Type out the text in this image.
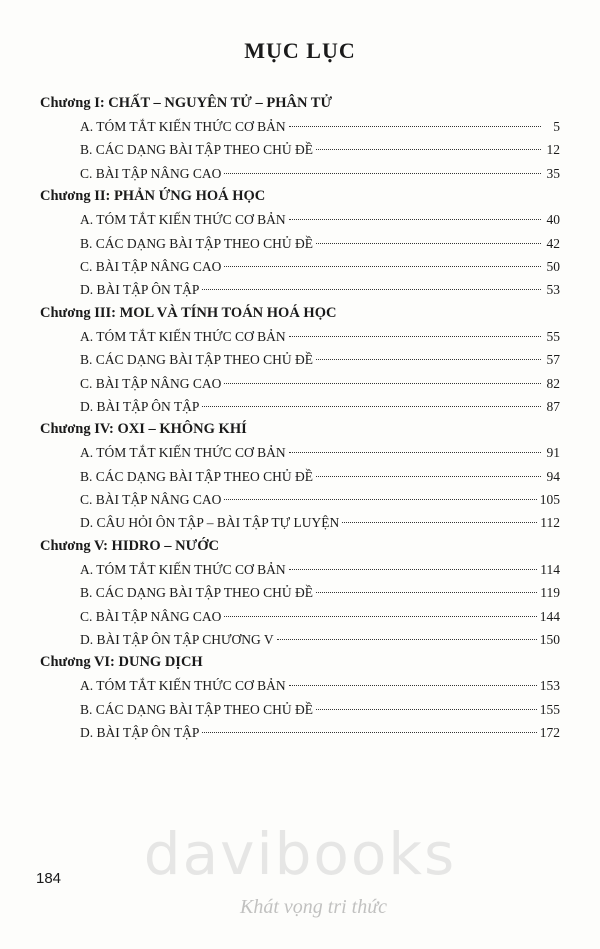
MỤC LỤC
Chương I: CHẤT – NGUYÊN TỬ – PHÂN TỬ
A. TÓM TẮT KIẾN THỨC CƠ BẢN	5
B. CÁC DẠNG BÀI TẬP THEO CHỦ ĐỀ	12
C. BÀI TẬP NÂNG CAO	35
Chương II: PHẢN ỨNG HOÁ HỌC
A. TÓM TẮT KIẾN THỨC CƠ BẢN	40
B. CÁC DẠNG BÀI TẬP THEO CHỦ ĐỀ	42
C. BÀI TẬP NÂNG CAO	50
D. BÀI TẬP ÔN TẬP	53
Chương III: MOL VÀ TÍNH TOÁN HOÁ HỌC
A. TÓM TẮT KIẾN THỨC CƠ BẢN	55
B. CÁC DẠNG BÀI TẬP THEO CHỦ ĐỀ	57
C. BÀI TẬP NÂNG CAO	82
D. BÀI TẬP ÔN TẬP	87
Chương IV: OXI – KHÔNG KHÍ
A. TÓM TẮT KIẾN THỨC CƠ BẢN	91
B. CÁC DẠNG BÀI TẬP THEO CHỦ ĐỀ	94
C. BÀI TẬP NÂNG CAO	105
D. CÂU HỎI ÔN TẬP – BÀI TẬP TỰ LUYỆN	112
Chương V: HIDRO – NƯỚC
A. TÓM TẮT KIẾN THỨC CƠ BẢN	114
B. CÁC DẠNG BÀI TẬP THEO CHỦ ĐỀ	119
C. BÀI TẬP NÂNG CAO	144
D. BÀI TẬP ÔN TẬP CHƯƠNG V	150
Chương VI: DUNG DỊCH
A. TÓM TẮT KIẾN THỨC CƠ BẢN	153
B. CÁC DẠNG BÀI TẬP THEO CHỦ ĐỀ	155
D. BÀI TẬP ÔN TẬP	172
184	davibooks
Khát vọng tri thức
